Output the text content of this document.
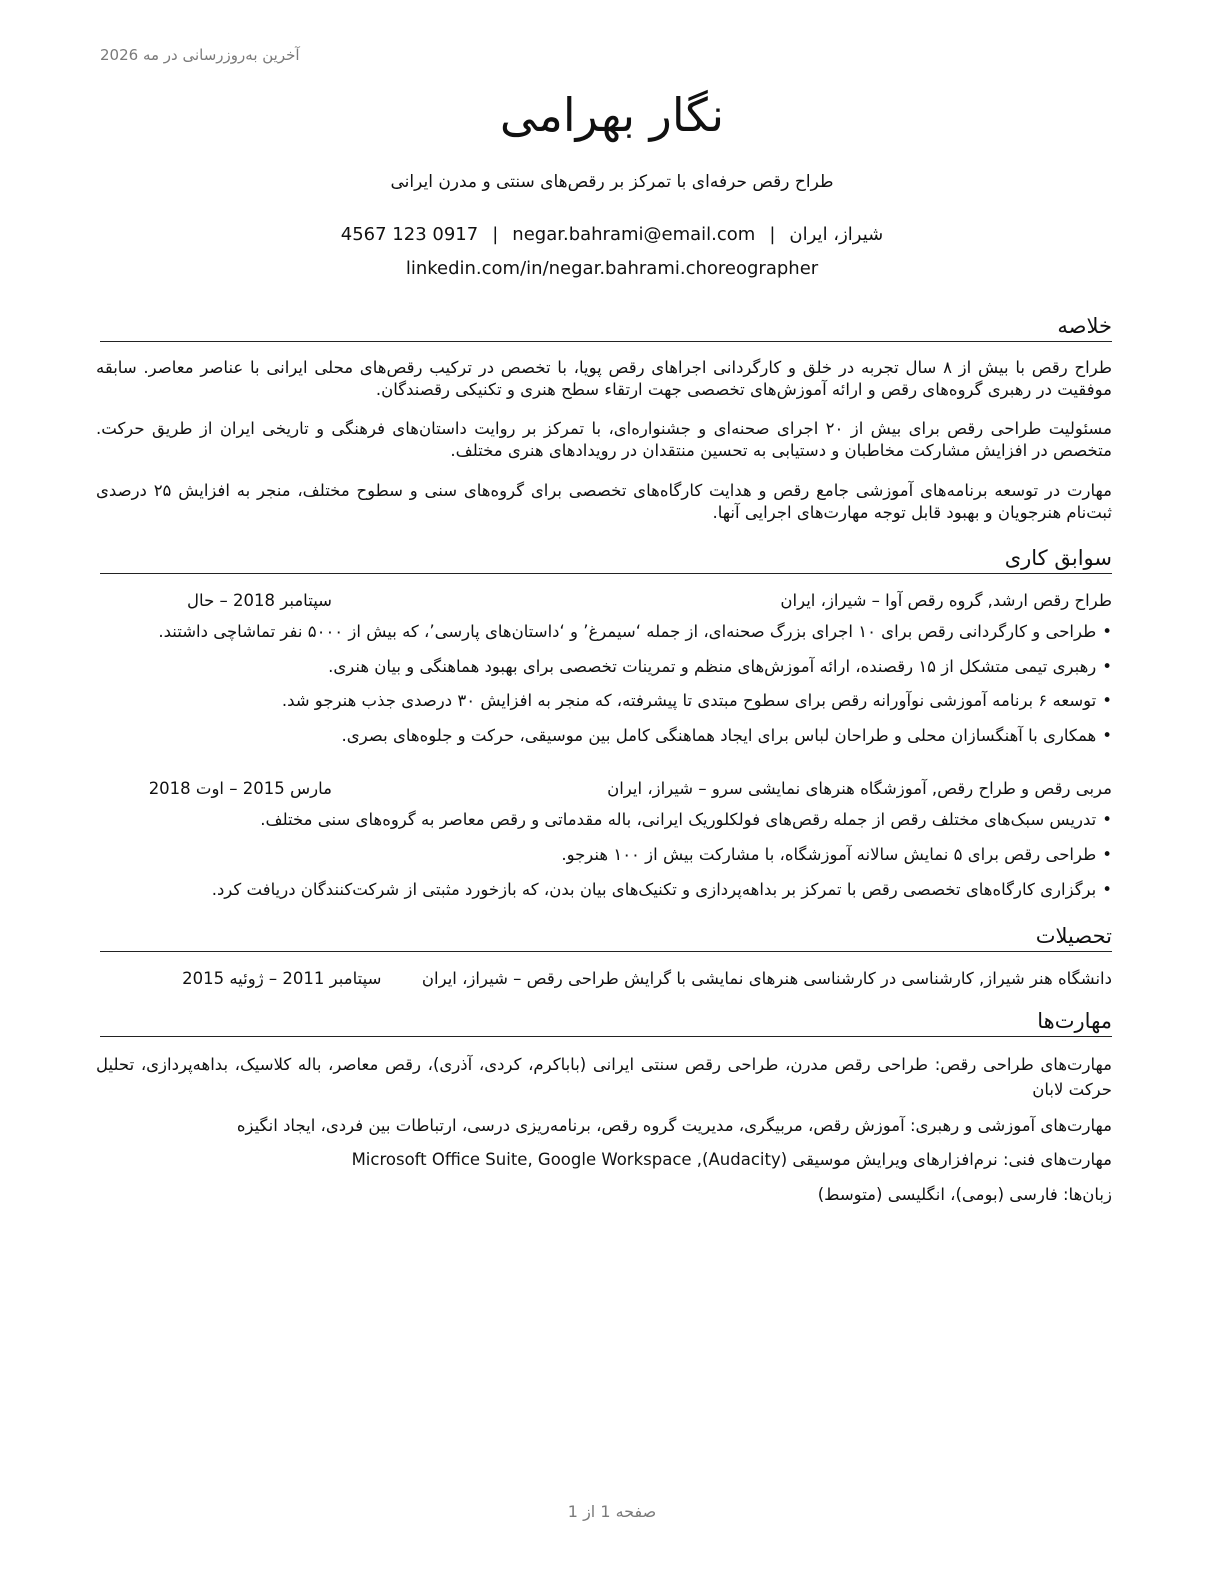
آخرین به‌روزرسانی در مه 2026
نگار بهرامی
طراح رقص حرفه‌ای با تمرکز بر رقص‌های سنتی و مدرن ایرانی
شیراز، ایران|negar.bahrami@email.com|0917 123 4567
linkedin.com/in/negar.bahrami.choreographer
خلاصه
طراح رقص با بیش از ۸ سال تجربه در خلق و کارگردانی اجراهای رقص پویا، با تخصص در ترکیب رقص‌های محلی ایرانی با عناصر معاصر. سابقه موفقیت در رهبری گروه‌های رقص و ارائه آموزش‌های تخصصی جهت ارتقاء سطح هنری و تکنیکی رقصندگان.
مسئولیت طراحی رقص برای بیش از ۲۰ اجرای صحنه‌ای و جشنواره‌ای، با تمرکز بر روایت داستان‌های فرهنگی و تاریخی ایران از طریق حرکت. متخصص در افزایش مشارکت مخاطبان و دستیابی به تحسین منتقدان در رویدادهای هنری مختلف.
مهارت در توسعه برنامه‌های آموزشی جامع رقص و هدایت کارگاه‌های تخصصی برای گروه‌های سنی و سطوح مختلف، منجر به افزایش ۲۵ درصدی ثبت‌نام هنرجویان و بهبود قابل توجه مهارت‌های اجرایی آنها.
سوابق کاری
طراح رقص ارشد, گروه رقص آوا – شیراز، ایران
سپتامبر 2018 – حال
• طراحی و کارگردانی رقص برای ۱۰ اجرای بزرگ صحنه‌ای، از جمله ‘سیمرغ’ و ‘داستان‌های پارسی’، که بیش از ۵۰۰۰ نفر تماشاچی داشتند.
• رهبری تیمی متشکل از ۱۵ رقصنده، ارائه آموزش‌های منظم و تمرینات تخصصی برای بهبود هماهنگی و بیان هنری.
• توسعه ۶ برنامه آموزشی نوآورانه رقص برای سطوح مبتدی تا پیشرفته، که منجر به افزایش ۳۰ درصدی جذب هنرجو شد.
• همکاری با آهنگسازان محلی و طراحان لباس برای ایجاد هماهنگی کامل بین موسیقی، حرکت و جلوه‌های بصری.
مربی رقص و طراح رقص, آموزشگاه هنرهای نمایشی سرو – شیراز، ایران
مارس 2015 – اوت 2018
• تدریس سبک‌های مختلف رقص از جمله رقص‌های فولکلوریک ایرانی، باله مقدماتی و رقص معاصر به گروه‌های سنی مختلف.
• طراحی رقص برای ۵ نمایش سالانه آموزشگاه، با مشارکت بیش از ۱۰۰ هنرجو.
• برگزاری کارگاه‌های تخصصی رقص با تمرکز بر بداهه‌پردازی و تکنیک‌های بیان بدن، که بازخورد مثبتی از شرکت‌کنندگان دریافت کرد.
تحصیلات
دانشگاه هنر شیراز, کارشناسی در کارشناسی هنرهای نمایشی با گرایش طراحی رقص – شیراز، ایران  سپتامبر 2011 – ژوئیه 2015
مهارت‌ها
مهارت‌های طراحی رقص: طراحی رقص مدرن، طراحی رقص سنتی ایرانی (باباکرم، کردی، آذری)، رقص معاصر، باله کلاسیک، بداهه‌پردازی، تحلیل حرکت لابان
مهارت‌های آموزشی و رهبری: آموزش رقص، مربیگری، مدیریت گروه رقص، برنامه‌ریزی درسی، ارتباطات بین فردی، ایجاد انگیزه
مهارت‌های فنی: نرم‌افزارهای ویرایش موسیقی (Audacity), Microsoft Office Suite, Google Workspace
زبان‌ها: فارسی (بومی)، انگلیسی (متوسط)
صفحه 1 از 1
